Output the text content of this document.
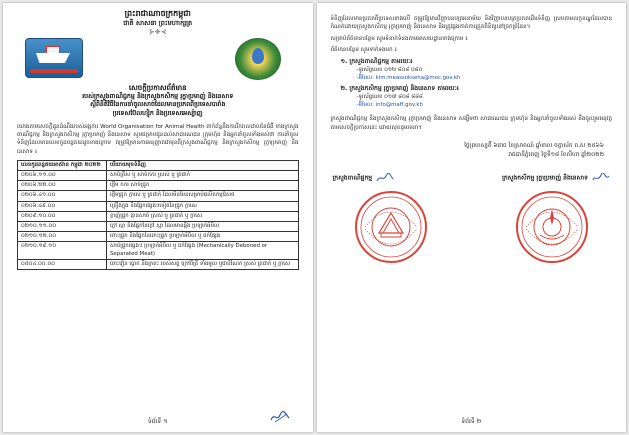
ព្រះរាជាណាចក្រកម្ពុជា
ជាតិ សាសនា ព្រះមហាក្សត្រ
⊱❈⊰
សេចក្តីប្រកាសព័ត៌មាន
របស់ក្រសួងពាណិជ្ជកម្ម និងក្រសួងកសិកម្ម រុក្ខាប្រមាញ់ និងនេសាទ
ស្តីពីនីតិវិធីនៃការនាំចូលសាច់ដែលមានប្រភពពីប្រទេសបារាំង
ប្រទេសប៊ែលហ្ស៊ិក និងប្រទេសអេស្ប៉ាញ
យោងតាមសេចក្តីជូនដំណឹងរបស់អង្គការ World Organisation for Animal Health ពាក់ព័ន្ធនឹងការរីករាលដាលនៃជំងឺ ខាងក្រសួងពាណិជ្ជកម្ម និងក្រសួងកសិកម្ម រុក្ខាប្រមាញ់ និងនេសាទ សូមជម្រាបជូនដល់សាធារណជន ក្រុមហ៊ុន និងអ្នកនាំចូលទាំងអស់ថា ការនាំចូលទំនិញដែលមានលេខកូដពន្ធគយដូចខាងក្រោម តម្រូវឱ្យមានការអនុញ្ញាតជាមុនពីក្រសួងពាណិជ្ជកម្ម និងក្រសួងកសិកម្ម រុក្ខាប្រមាញ់ និងនេសាទ ៖
លេខកូដពន្ធគយអាស៊ាន កម្ពុជា ២០២២	បរិយាយមុខទំនិញ
០២០៦.១១.០០	សាច់ត្រីស ឬ សាច់កករ ស្រស់ ឬ ត្រជាក់
០២០៦.២២.០០	ថ្លើម កករ សាច់ជ្រូក
០២០៦.៤១.០០	ថ្លើមជ្រូក ក្លាសេ ឬ ត្រជាក់ ដែលមិនមែនសម្រាប់ផលិតកម្មឱសថ
០២០៦.៤៩.០០	គ្រឿងក្នុង និងផ្នែកផ្សេងៗទៀតនៃជ្រូក ក្លាសេ
០២០៩.១០.០០	ខ្លាញ់ជ្រូក គ្មានសាច់ ស្រស់ ឬ ត្រជាក់ ឬ ក្លាសេ
០២១០.១១.០០	ភ្លៅ ស្មា និងផ្នែកនៃភ្លៅ ស្មា ដែលមានឆ្អឹង ប្រឡាក់អំបិល
០២១០.១២.០០	ពោះជ្រូក និងផ្នែកនៃពោះជ្រូក ប្រឡាក់អំបិល ឬ ជក់ផ្សែង
០២១០.១៩.១០	សាច់ជ្រូកផ្សេងៗ ប្រឡាក់អំបិល ឬ ជក់ផ្សែង (Mechanically Deboned or Separated Meat)
០៥០៤.០០.០០	ពោះវៀន ប្លោក និងក្រពះ របស់សត្វ ក្រៅពីត្រី ទាំងមូល ឬជាបំណែក ស្រស់ ត្រជាក់ ឬ ក្លាសេ
ទំព័រទី ១
ទំនិញដែលមានប្រភពពីប្រទេសខាងលើ តម្រូវឱ្យមានវិញ្ញាបនបត្រអនាម័យ និងវិញ្ញាបនបត្រប្រភពដើមទំនិញ ស្របតាមលក្ខខណ្ឌដែលបានកំណត់ដោយក្រសួងកសិកម្ម រុក្ខាប្រមាញ់ និងនេសាទ និងត្រូវឆ្លងកាត់ការត្រួតពិនិត្យនៅច្រកព្រំដែន។
សម្រាប់ព័ត៌មានបន្ថែម សូមទំនាក់ទំនងតាមអាសយដ្ឋានខាងក្រោម ៖
ព័ត៌មានបន្ថែម សូមទាក់ទងមក ៖
១. ក្រសួងពាណិជ្ជកម្ម តាមរយៈ៖
-ទូរស័ព្ទលេខ ០១២ ៨០៨ ០៨០
-អ៊ីមែល: kim.meassokseha@moc.gov.kh
២. ក្រសួងកសិកម្ម រុក្ខាប្រមាញ់ និងនេសាទ តាមរយៈ៖
-ទូរស័ព្ទលេខ ០១៧ ៨០៨ ៨៨៨
-អ៊ីមែល: info@maff.gov.kh
ក្រសួងពាណិជ្ជកម្ម និងក្រសួងកសិកម្ម រុក្ខាប្រមាញ់ និងនេសាទ សង្ឃឹមថា សាធារណជន ក្រុមហ៊ុន និងអ្នកនាំចូលទាំងអស់ នឹងចូលរួមអនុវត្តតាមសេចក្តីប្រកាសនេះ ដោយសុខដុមរមនា។
ថ្ងៃព្រហស្បតិ៍ ៦រោច ខែស្រាពណ៍ ឆ្នាំខាល ចត្វាស័ក ព.ស ២៥៦៦
រាជធានីភ្នំពេញ ថ្ងៃទី១៨ ខែសីហា ឆ្នាំ២០២២
ក្រសួងពាណិជ្ជកម្ម	ក្រសួងកសិកម្ម រុក្ខាប្រមាញ់ និងនេសាទ
ទំព័រទី ២
